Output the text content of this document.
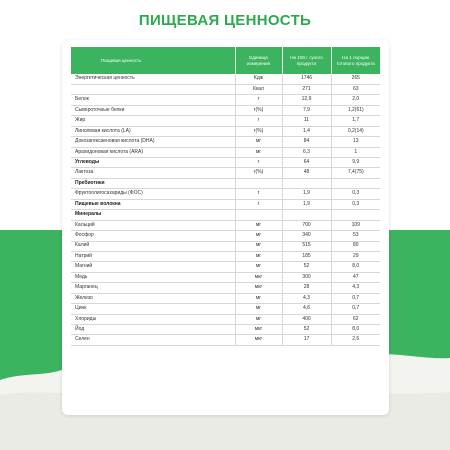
ПИЩЕВАЯ ЦЕННОСТЬ
Пищевая ценность	Единица измерения	На 100 г сухого продукта	На 1 порцию готового продукта
Энергетическая ценность	Кдж	1746	265
	Ккал	271	63
Белок	г	12,9	2,0
Сывороточные белки	г(%)	7,9	1,2(61)
Жир	г	11	1,7
Линолевая кислота (LA)	г(%)	1,4	0,2(14)
Докозагексаеновая кислота (DHA)	мг	84	13
Арахидоновая кислота (ARA)	мг	6,3	1
Углеводы	г	64	9,9
Лактоза	г(%)	48	7,4(75)
Пребиотики			
Фруктоолигосахариды (ФОС)	г	1,9	0,3
Пищевые волокна	г	1,9	0,3
Минералы			
Кальций	мг	700	109
Фосфор	мг	340	53
Калий	мг	515	80
Натрий	мг	185	29
Магний	мг	52	8,0
Медь	мкг	300	47
Марганец	мкг	28	4,3
Железо	мг	4,3	0,7
Цинк	мг	4,6	0,7
Хлориды	мг	400	62
Йод	мкг	52	8,0
Селен	мкг	17	2,6
